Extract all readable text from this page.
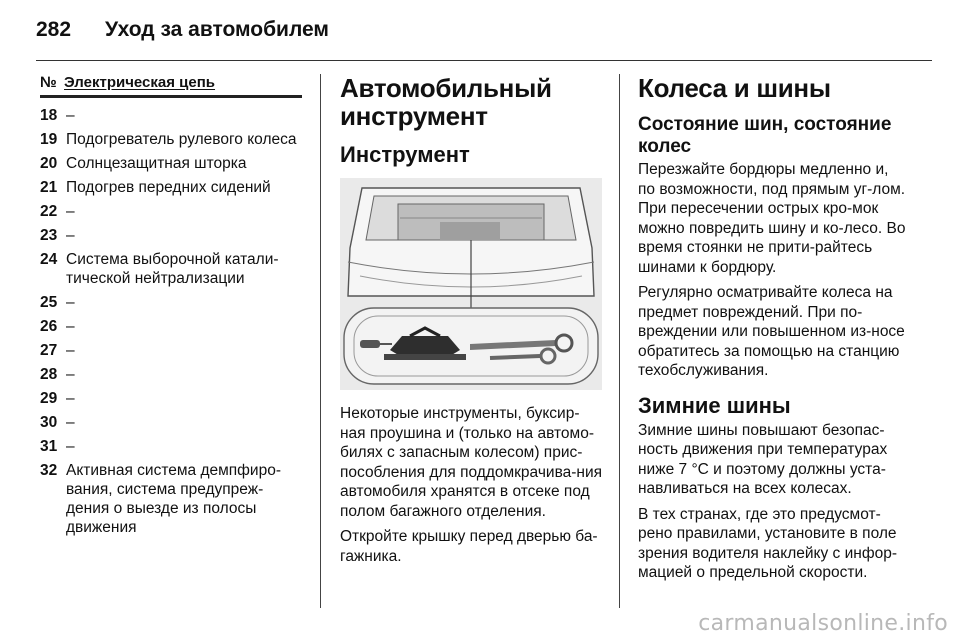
282 Уход за автомобилем
№ Электрическая цепь
18 –
19 Подогреватель рулевого колеса
20 Солнцезащитная шторка
21 Подогрев передних сидений
22 –
23 –
24 Система выборочной катали-тической нейтрализации
25 –
26 –
27 –
28 –
29 –
30 –
31 –
32 Активная система демпфиро-вания, система предупреж-дения о выезде из полосы движения
Автомобильный инструмент
Инструмент

Некоторые инструменты, буксир-ная проушина и (только на автомо-билях с запасным колесом) прис-пособления для поддомкрачива-ния автомобиля хранятся в отсеке под полом багажного отделения.

Откройте крышку перед дверью ба-гажника.

Колеса и шины
Состояние шин, состояние колес

Перезжайте бордюры медленно и, по возможности, под прямым уг-лом. При пересечении острых кро-мок можно повредить шину и ко-лесо. Во время стоянки не прити-райтесь шинами к бордюру.

Регулярно осматривайте колеса на предмет повреждений. При по-вреждении или повышенном из-носе обратитесь за помощью на станцию техобслуживания.

Зимние шины

Зимние шины повышают безопас-ность движения при температурах ниже 7 °C и поэтому должны уста-навливаться на всех колесах.

В тех странах, где это предусмот-рено правилами, установите в поле зрения водителя наклейку с инфор-мацией о предельной скорости.

carmanualsonline.info
